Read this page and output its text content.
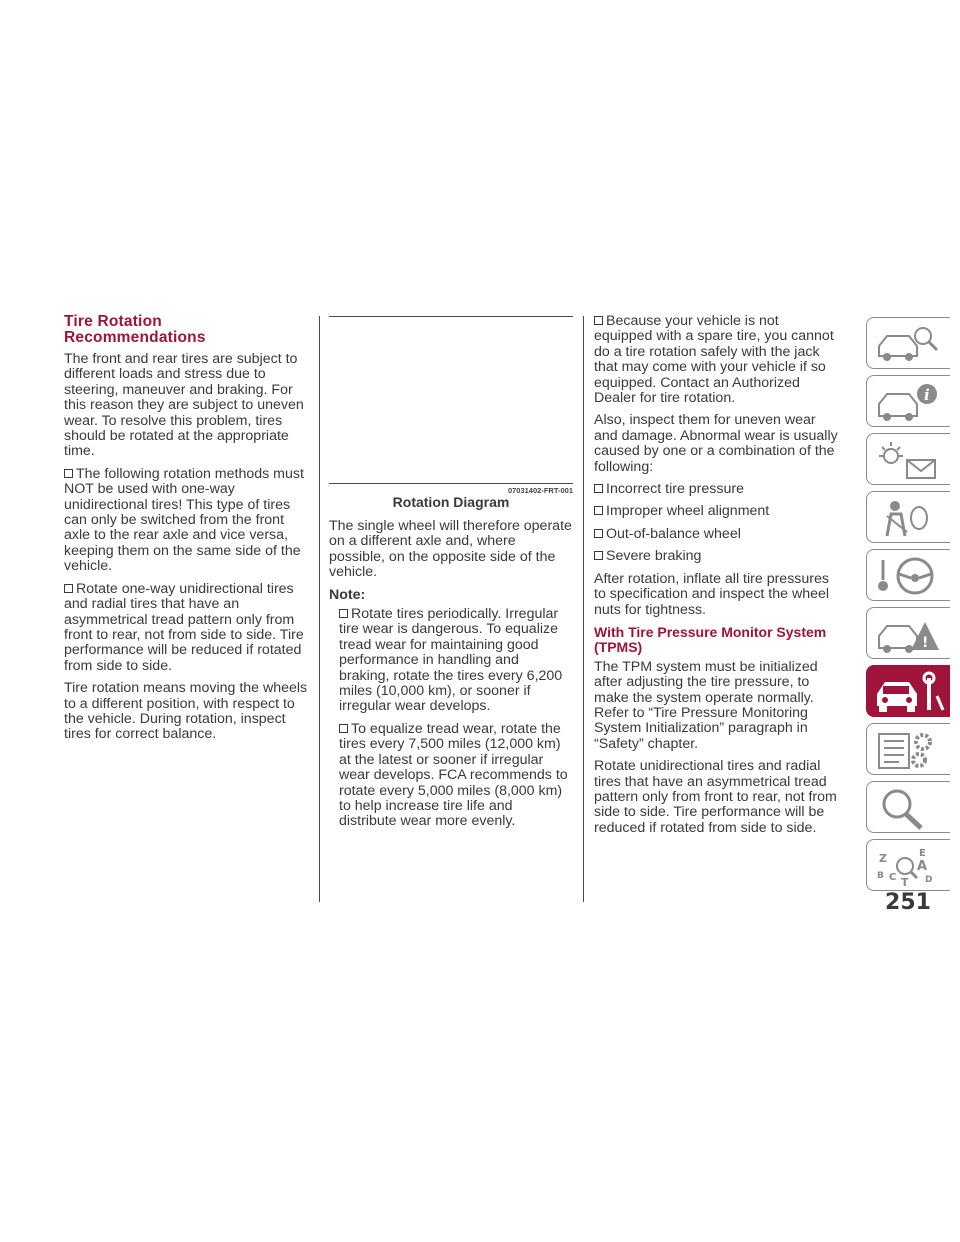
Tire Rotation
Recommendations

The front and rear tires are subject to different loads and stress due to steering, maneuver and braking. For this reason they are subject to uneven wear. To resolve this problem, tires should be rotated at the appropriate time.

The following rotation methods must NOT be used with one-way unidirectional tires! This type of tires can only be switched from the front axle to the rear axle and vice versa, keeping them on the same side of the vehicle.

Rotate one-way unidirectional tires and radial tires that have an asymmetrical tread pattern only from front to rear, not from side to side. Tire performance will be reduced if rotated from side to side.

Tire rotation means moving the wheels to a different position, with respect to the vehicle. During rotation, inspect tires for correct balance.

07031402-FRT-001
Rotation Diagram

The single wheel will therefore operate on a different axle and, where possible, on the opposite side of the vehicle.

Note:

Rotate tires periodically. Irregular tire wear is dangerous. To equalize tread wear for maintaining good performance in handling and braking, rotate the tires every 6,200 miles (10,000 km), or sooner if irregular wear develops.

To equalize tread wear, rotate the tires every 7,500 miles (12,000 km) at the latest or sooner if irregular wear develops. FCA recommends to rotate every 5,000 miles (8,000 km) to help increase tire life and distribute wear more evenly.

Because your vehicle is not equipped with a spare tire, you cannot do a tire rotation safely with the jack that may come with your vehicle if so equipped. Contact an Authorized Dealer for tire rotation.

Also, inspect them for uneven wear and damage. Abnormal wear is usually caused by one or a combination of the following:

Incorrect tire pressure

Improper wheel alignment

Out-of-balance wheel

Severe braking

After rotation, inflate all tire pressures to specification and inspect the wheel nuts for tightness.

With Tire Pressure Monitor System (TPMS)

The TPM system must be initialized after adjusting the tire pressure, to make the system operate normally. Refer to “Tire Pressure Monitoring System Initialization” paragraph in “Safety” chapter.

Rotate unidirectional tires and radial tires that have an asymmetrical tread pattern only from front to rear, not from side to side. Tire performance will be reduced if rotated from side to side.

i
!
Z	E
A
B C	D
T
251
